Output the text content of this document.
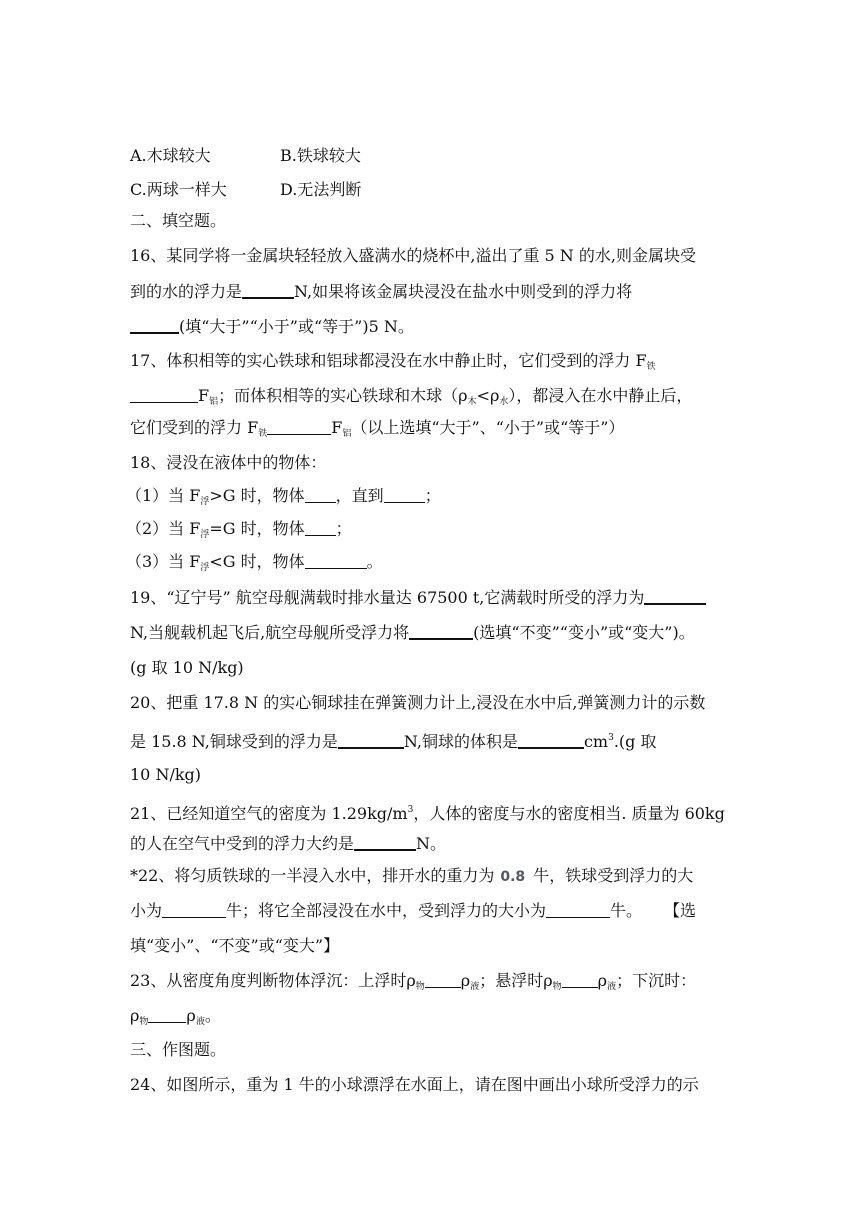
A.木球较大	B.铁球较大
C.两球一样大	D.无法判断
二、填空题。
16、某同学将一金属块轻轻放入盛满水的烧杯中,溢出了重 5 N 的水,则金属块受
到的水的浮力是	N,如果将该金属块浸没在盐水中则受到的浮力将
(填“大于”“小于”或“等于”)5 N。
17、体积相等的实心铁球和铝球都浸没在水中静止时，它们受到的浮力 $F_铁$
$F_铝$；而体积相等的实心铁球和木球$(\rho_木<\rho_水)$，都浸入在水中静止后，
它们受到的浮力 $F_铁$	$F_铝$（以上选填“大于”、“小于”或“等于”）
18、浸没在液体中的物体：
（1）当 $F_浮>G$ 时，物体 ，直到	；
（2）当 $F_浮=G$ 时，物体 ；
（3）当 $F_浮<G$ 时，物体	。
19、“辽宁号” 航空母舰满载时排水量达 67500 t,它满载时所受的浮力为
N,当舰载机起飞后,航空母舰所受浮力将	(选填“不变”“变小”或“变大”)。
(g 取 10 N/kg)
20、把重 17.8 N 的实心铜球挂在弹簧测力计上,浸没在水中后,弹簧测力计的示数
是 15.8 N,铜球受到的浮力是	N,铜球的体积是	$cm^3.(g$ 取
10 N/kg)
21、已经知道空气的密度为 $1.29kg/m^3$，人体的密度与水的密度相当. 质量为 60kg
的人在空气中受到的浮力大约是	N。
*22、将匀质铁球的一半浸入水中，排开水的重力为 0.8 牛，铁球受到浮力的大
小为	牛；将它全部浸没在水中，受到浮力的大小为	牛。 【选
填“变小”、“不变”或“变大”】
23、从密度角度判断物体浮沉：上浮时$\rho_物$ $\rho_液$；悬浮时$\rho_物$ $\rho_液$；下沉时：
$\rho_物$ $\rho_液$。
三、作图题。
24、如图所示，重为 1 牛的小球漂浮在水面上，请在图中画出小球所受浮力的示
